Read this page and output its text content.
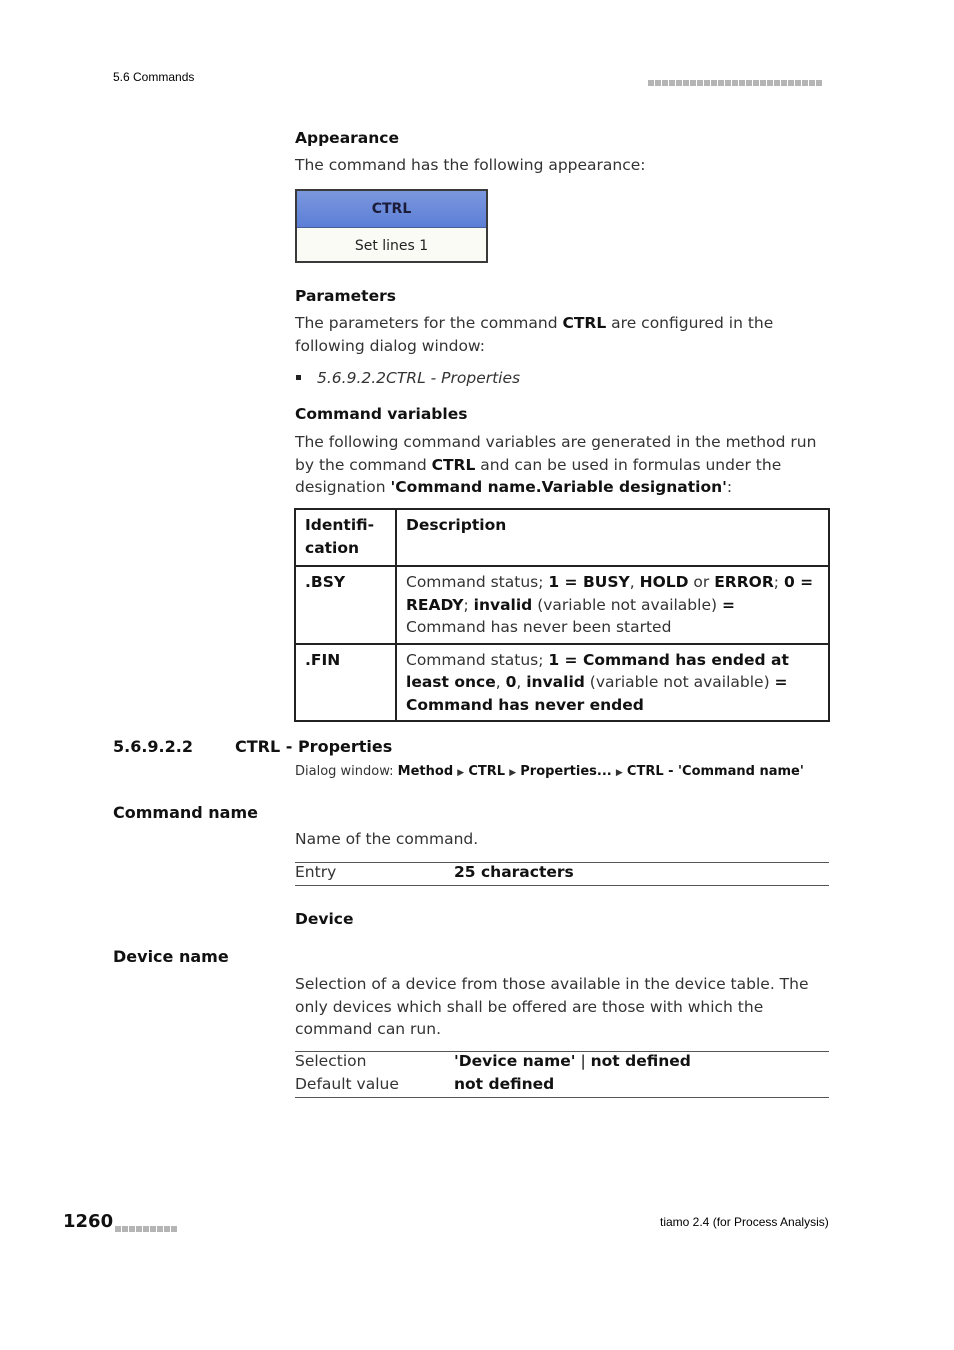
5.6 Commands
Appearance

The command has the following appearance:

CTRL
Set lines 1
Parameters

The parameters for the command CTRL are configured in the following dialog window:

5.6.9.2.2CTRL - Properties

Command variables

The following command variables are generated in the method run by the command CTRL and can be used in formulas under the designation 'Command name.Variable designation':

Identifi-cation	Description
.BSY	Command status; 1 = BUSY, HOLD or ERROR; 0 = READY; invalid (variable not available) = Command has never been started
.FIN	Command status; 1 = Command has ended at least once, 0, invalid (variable not available) = Command has never ended
5.6.9.2.2	CTRL - Properties
Dialog window: Method ▶ CTRL ▶ Properties... ▶ CTRL - 'Command name'
Command name

Name of the command.

Entry	25 characters
Device
Device name

Selection of a device from those available in the device table. The only devices which shall be offered are those with which the command can run.

Selection	'Device name' | not defined
Default value	not defined
1260	tiamo 2.4 (for Process Analysis)
